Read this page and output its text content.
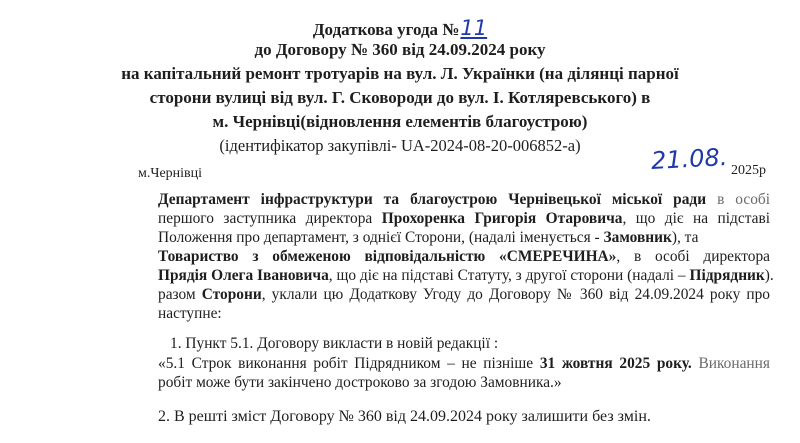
Додаткова угода №11
до Договору № 360 від 24.09.2024 року
на капітальний ремонт тротуарів на вул. Л. Українки (на ділянці парної
сторони вулиці від вул. Г. Сковороди до вул. І. Котляревського) в
м. Чернівці(відновлення елементів благоустрою)
(ідентифікатор закупівлі- UA-2024-08-20-006852-а)
м.Чернівці	21.08. 2025р
Департамент інфраструктури та благоустрою Чернівецької міської ради в особі
першого заступника директора Прохоренка Григорія Отаровича, що діє на підставі
Положення про департамент, з однієї Сторони, (надалі іменується - Замовник), та
Товариство з обмеженою відповідальністю «СМЕРЕЧИНА», в особі директора
Прядія Олега Івановича, що діє на підставі Статуту, з другої сторони (надалі – Підрядник).
разом Сторони, уклали цю Додаткову Угоду до Договору № 360 від 24.09.2024 року про
наступне:
1. Пункт 5.1. Договору викласти в новій редакції :
«5.1 Строк виконання робіт Підрядником – не пізніше 31 жовтня 2025 року. Виконання
робіт може бути закінчено достроково за згодою Замовника.»
2. В решті зміст Договору № 360 від 24.09.2024 року залишити без змін.
